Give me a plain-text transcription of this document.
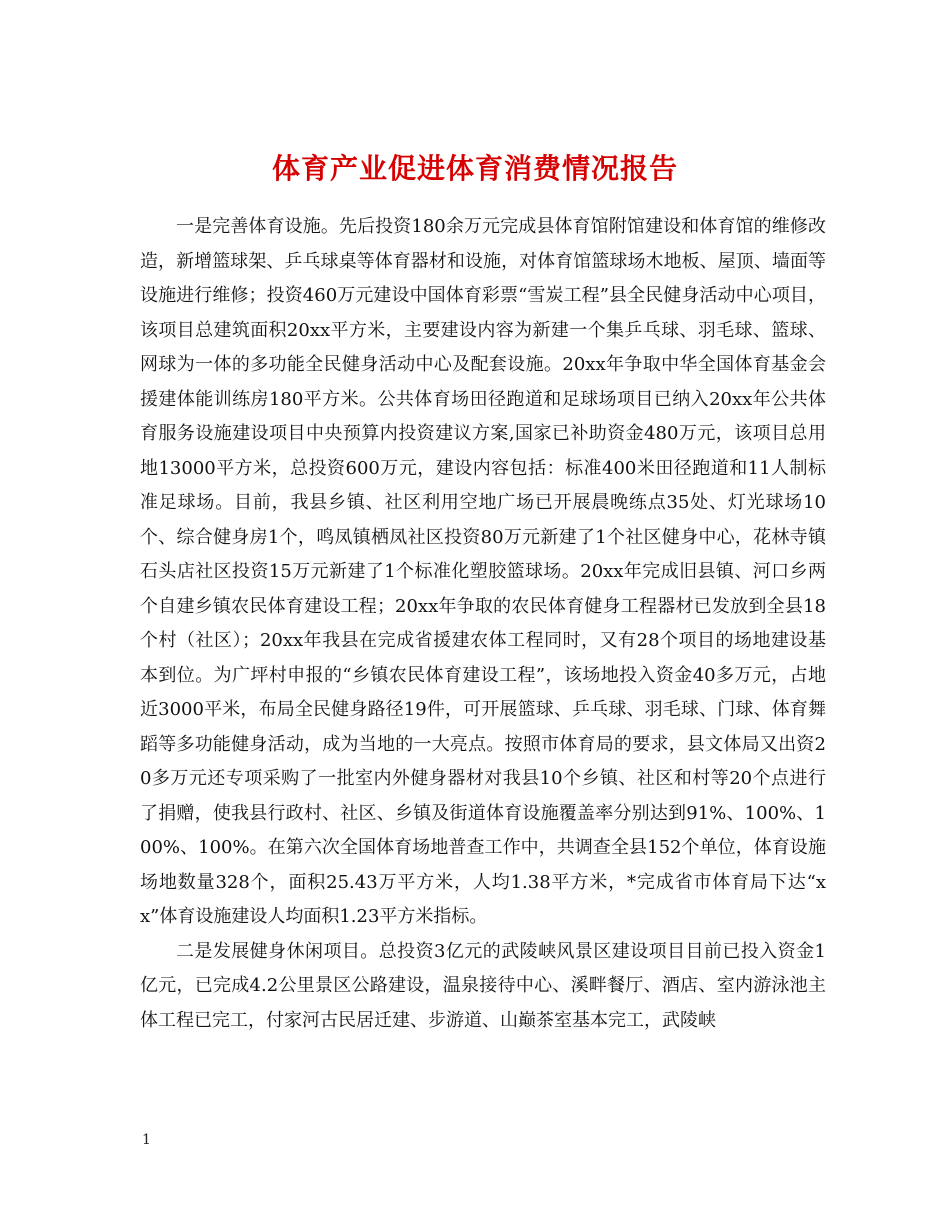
体育产业促进体育消费情况报告

一是完善体育设施。先后投资180余万元完成县体育馆附馆建设和体育馆的维修改造，新增篮球架、乒乓球桌等体育器材和设施，对体育馆篮球场木地板、屋顶、墙面等设施进行维修；投资460万元建设中国体育彩票“雪炭工程”县全民健身活动中心项目，该项目总建筑面积20xx平方米，主要建设内容为新建一个集乒乓球、羽毛球、篮球、网球为一体的多功能全民健身活动中心及配套设施。20xx年争取中华全国体育基金会援建体能训练房180平方米。公共体育场田径跑道和足球场项目已纳入20xx年公共体育服务设施建设项目中央预算内投资建议方案,国家已补助资金480万元，该项目总用地13000平方米，总投资600万元，建设内容包括：标准400米田径跑道和11人制标准足球场。目前，我县乡镇、社区利用空地广场已开展晨晚练点35处、灯光球场10个、综合健身房1个，鸣凤镇栖凤社区投资80万元新建了1个社区健身中心，花林寺镇石头店社区投资15万元新建了1个标准化塑胶篮球场。20xx年完成旧县镇、河口乡两个自建乡镇农民体育建设工程；20xx年争取的农民体育健身工程器材已发放到全县18个村（社区）；20xx年我县在完成省援建农体工程同时，又有28个项目的场地建设基本到位。为广坪村申报的“乡镇农民体育建设工程”，该场地投入资金40多万元，占地近3000平米，布局全民健身路径19件，可开展篮球、乒乓球、羽毛球、门球、体育舞蹈等多功能健身活动，成为当地的一大亮点。按照市体育局的要求，县文体局又出资20多万元还专项采购了一批室内外健身器材对我县10个乡镇、社区和村等20个点进行了捐赠，使我县行政村、社区、乡镇及街道体育设施覆盖率分别达到91%、100%、100%、100%。在第六次全国体育场地普查工作中，共调查全县152个单位，体育设施场地数量328个，面积25.43万平方米，人均1.38平方米，*完成省市体育局下达“xx”体育设施建设人均面积1.23平方米指标。

二是发展健身休闲项目。总投资3亿元的武陵峡风景区建设项目目前已投入资金1亿元，已完成4.2公里景区公路建设，温泉接待中心、溪畔餐厅、酒店、室内游泳池主体工程已完工，付家河古民居迁建、步游道、山巅茶室基本完工，武陵峡

1
